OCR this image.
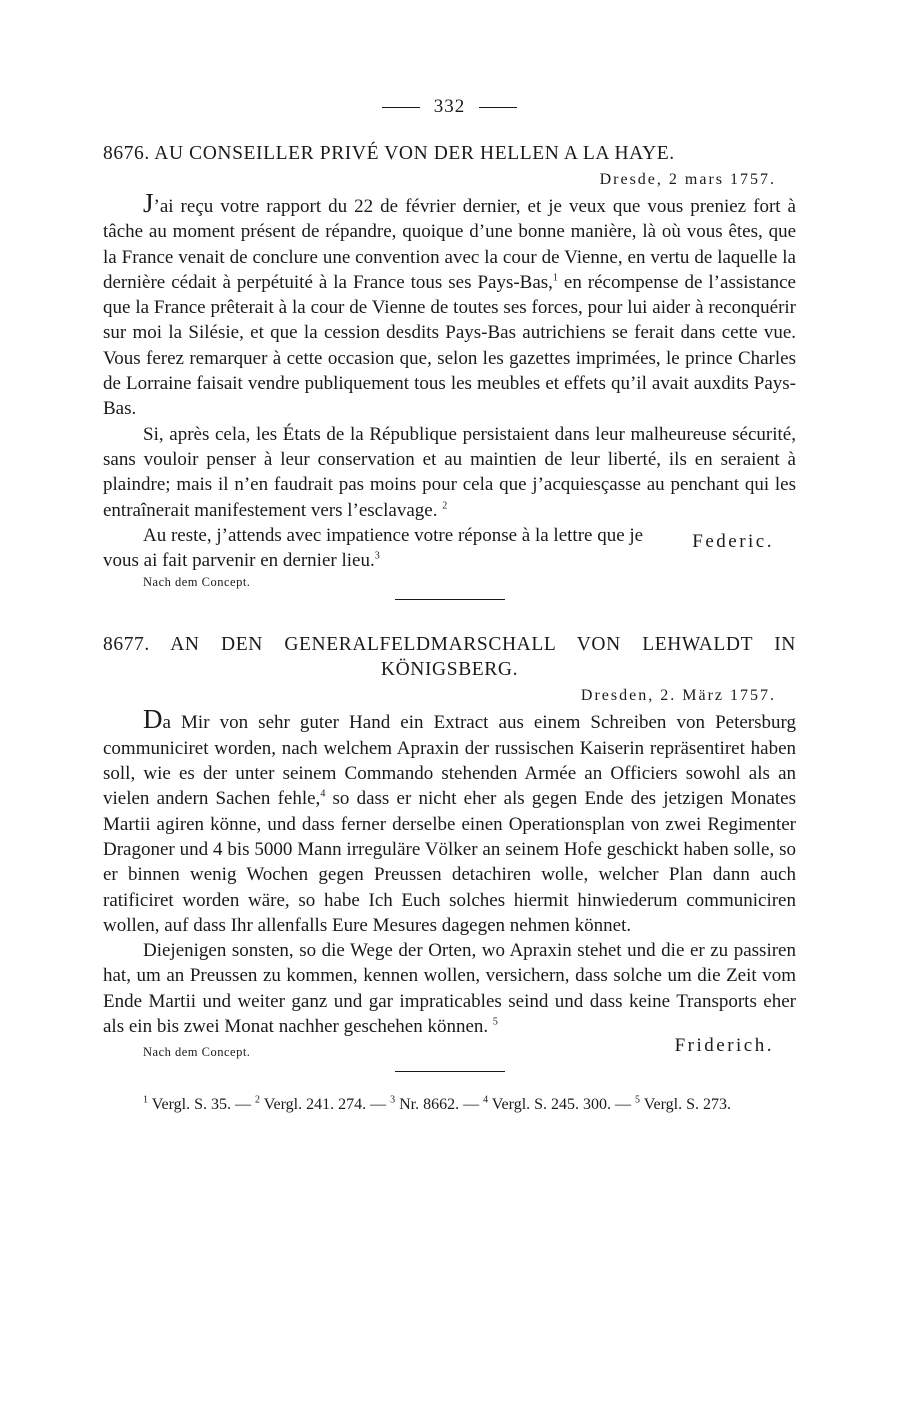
332

8676. AU CONSEILLER PRIVÉ VON DER HELLEN A LA HAYE.

Dresde, 2 mars 1757.

J’ai reçu votre rapport du 22 de février dernier, et je veux que vous preniez fort à tâche au moment présent de répandre, quoique d’une bonne manière, là où vous êtes, que la France venait de conclure une convention avec la cour de Vienne, en vertu de laquelle la dernière cédait à perpétuité à la France tous ses Pays-Bas,$^1$ en récompense de l’assistance que la France prêterait à la cour de Vienne de toutes ses forces, pour lui aider à reconquérir sur moi la Silésie, et que la cession desdits Pays-Bas autrichiens se ferait dans cette vue. Vous ferez remarquer à cette occasion que, selon les gazettes imprimées, le prince Charles de Lorraine faisait vendre publiquement tous les meubles et effets qu’il avait auxdits Pays-Bas.

Si, après cela, les États de la République persistaient dans leur malheureuse sécurité, sans vouloir penser à leur conservation et au maintien de leur liberté, ils en seraient à plaindre; mais il n’en faudrait pas moins pour cela que j’acquiesçasse au penchant qui les entraînerait manifestement vers l’esclavage. $^2$

Au reste, j’attends avec impatience votre réponse à la lettre que je vous ai fait parvenir en dernier lieu.$^3$

Federic.
Nach dem Concept.

8677. AN DEN GENERALFELDMARSCHALL VON LEHWALDT IN KÖNIGSBERG.

Dresden, 2. März 1757.

Da Mir von sehr guter Hand ein Extract aus einem Schreiben von Petersburg communiciret worden, nach welchem Apraxin der russischen Kaiserin repräsentiret haben soll, wie es der unter seinem Commando stehenden Armée an Officiers sowohl als an vielen andern Sachen fehle,$^4$ so dass er nicht eher als gegen Ende des jetzigen Monates Martii agiren könne, und dass ferner derselbe einen Operationsplan von zwei Regimenter Dragoner und 4 bis 5000 Mann irreguläre Völker an seinem Hofe geschickt haben solle, so er binnen wenig Wochen gegen Preussen detachiren wolle, welcher Plan dann auch ratificiret worden wäre, so habe Ich Euch solches hiermit hinwiederum communiciren wollen, auf dass Ihr allenfalls Eure Mesures dagegen nehmen könnet.

Diejenigen sonsten, so die Wege der Orten, wo Apraxin stehet und die er zu passiren hat, um an Preussen zu kommen, kennen wollen, versichern, dass solche um die Zeit vom Ende Martii und weiter ganz und gar impraticables seind und dass keine Transports eher als ein bis zwei Monat nachher geschehen können. $^5$

Friderich.
Nach dem Concept.

$^1$ Vergl. S. 35. — $^2$ Vergl. 241. 274. — $^3$ Nr. 8662. — $^4$ Vergl. S. 245. 300. — $^5$ Vergl. S. 273.
